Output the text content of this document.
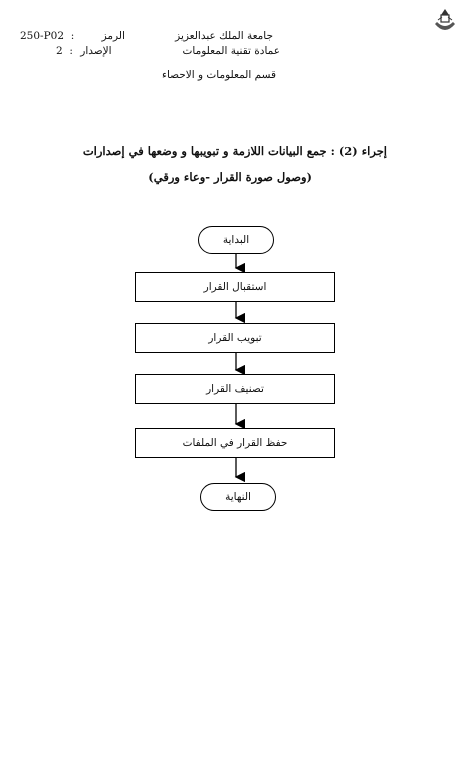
250-P02  :	الرمز
2  : الإصدار
جامعة الملك عبدالعزيز
عمادة تقنية المعلومات
قسم المعلومات و الاحصاء
إجراء (2) : جمع البيانات اللازمة و تبويبها و وضعها في إصدارات
(وصول صورة القرار -وعاء ورقي)
البداية
استقبال القرار
تبويب القرار
تصنيف القرار
حفظ القرار في الملفات
النهاية
